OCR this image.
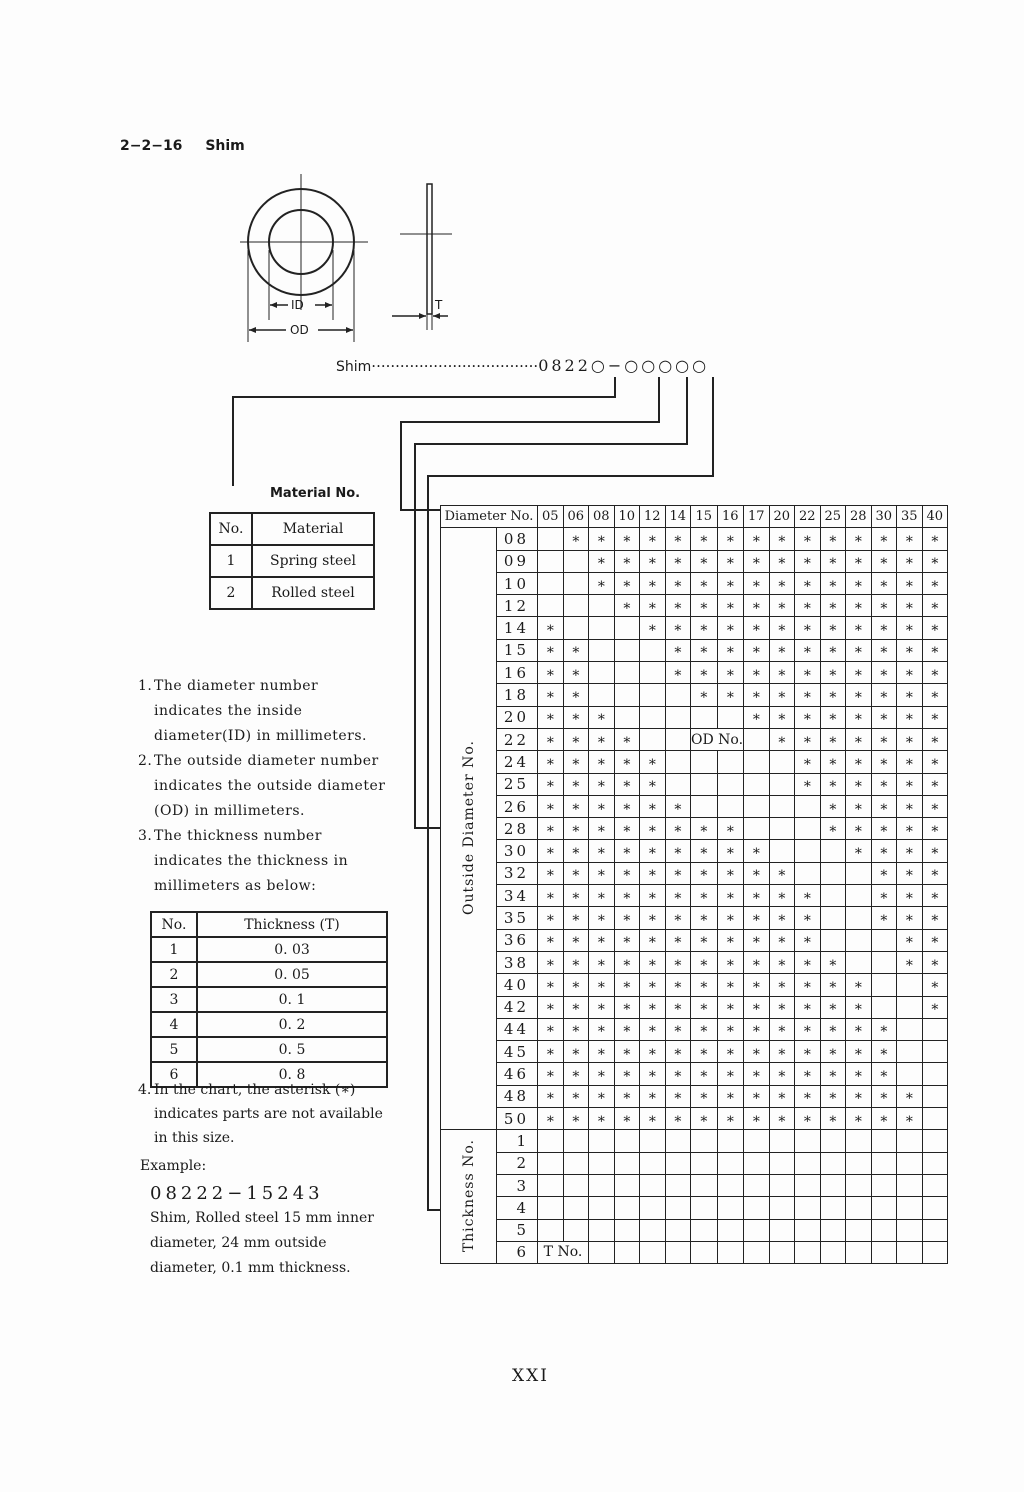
2−2−16 Shim
ID
OD
T
Shim···································0822○−○○○○○
Material No.
No.	Material
1	Spring steel
2	Rolled steel
1. The diameter number indicates the inside diameter(ID) in millimeters.
2. The outside diameter number indicates the outside diameter (OD) in millimeters.
3. The thickness number indicates the thickness in millimeters as below:
No.	Thickness (T)
1	0. 03
2	0. 05
3	0. 1
4	0. 2
5	0. 5
6	0. 8
4. In the chart, the asterisk (∗) indicates parts are not available in this size.
Example:
08222−15243
Shim, Rolled steel 15 mm inner diameter, 24 mm outside diameter, 0.1 mm thickness.
Diameter No.		05	06	08	10	12	14	15	16	17	20	22	25	28	30	35	40
Outside Diameter No.	08		∗	∗	∗	∗	∗	∗	∗	∗	∗	∗	∗	∗	∗	∗	∗
	09			∗	∗	∗	∗	∗	∗	∗	∗	∗	∗	∗	∗	∗	∗
	10			∗	∗	∗	∗	∗	∗	∗	∗	∗	∗	∗	∗	∗	∗
	12				∗	∗	∗	∗	∗	∗	∗	∗	∗	∗	∗	∗	∗
	14	∗				∗	∗	∗	∗	∗	∗	∗	∗	∗	∗	∗	∗
	15	∗	∗				∗	∗	∗	∗	∗	∗	∗	∗	∗	∗	∗
	16	∗	∗				∗	∗	∗	∗	∗	∗	∗	∗	∗	∗	∗
	18	∗	∗					∗	∗	∗	∗	∗	∗	∗	∗	∗	∗
	20	∗	∗	∗						∗	∗	∗	∗	∗	∗	∗	∗
	22	∗	∗	∗	∗			OD No.			∗	∗	∗	∗	∗	∗	∗
	24	∗	∗	∗	∗	∗						∗	∗	∗	∗	∗	∗
	25	∗	∗	∗	∗	∗						∗	∗	∗	∗	∗	∗
	26	∗	∗	∗	∗	∗	∗						∗	∗	∗	∗	∗
	28	∗	∗	∗	∗	∗	∗	∗	∗				∗	∗	∗	∗	∗
	30	∗	∗	∗	∗	∗	∗	∗	∗	∗				∗	∗	∗	∗
	32	∗	∗	∗	∗	∗	∗	∗	∗	∗	∗				∗	∗	∗
	34	∗	∗	∗	∗	∗	∗	∗	∗	∗	∗	∗			∗	∗	∗
	35	∗	∗	∗	∗	∗	∗	∗	∗	∗	∗	∗			∗	∗	∗
	36	∗	∗	∗	∗	∗	∗	∗	∗	∗	∗	∗				∗	∗
	38	∗	∗	∗	∗	∗	∗	∗	∗	∗	∗	∗	∗			∗	∗
	40	∗	∗	∗	∗	∗	∗	∗	∗	∗	∗	∗	∗	∗			∗
	42	∗	∗	∗	∗	∗	∗	∗	∗	∗	∗	∗	∗	∗			∗
	44	∗	∗	∗	∗	∗	∗	∗	∗	∗	∗	∗	∗	∗	∗		
	45	∗	∗	∗	∗	∗	∗	∗	∗	∗	∗	∗	∗	∗	∗		
	46	∗	∗	∗	∗	∗	∗	∗	∗	∗	∗	∗	∗	∗	∗		
	48	∗	∗	∗	∗	∗	∗	∗	∗	∗	∗	∗	∗	∗	∗	∗	
	50	∗	∗	∗	∗	∗	∗	∗	∗	∗	∗	∗	∗	∗	∗	∗	
Thickness No.	1																
	2																
	3																
	4																
	5																
	6	T No.															
XXI
